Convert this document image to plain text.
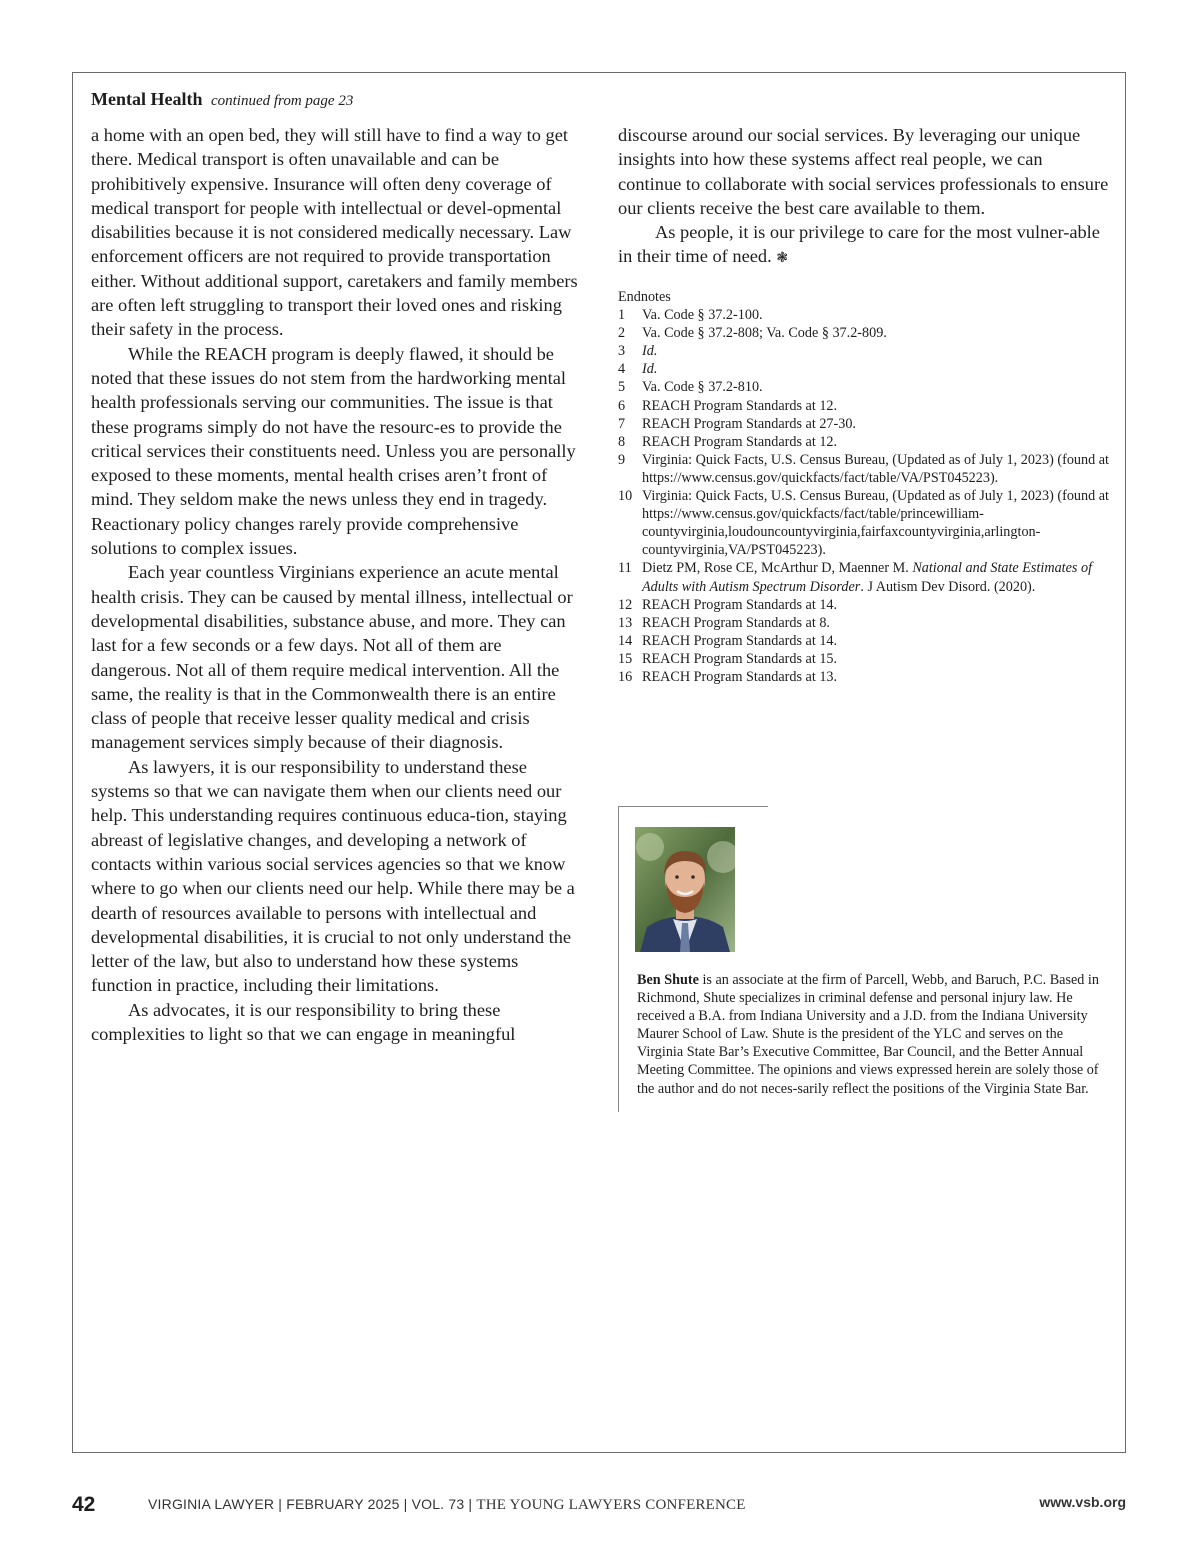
Mental Health continued from page 23

a home with an open bed, they will still have to find a way to get there. Medical transport is often unavailable and can be prohibitively expensive. Insurance will often deny coverage of medical transport for people with intellectual or devel-opmental disabilities because it is not considered medically necessary. Law enforcement officers are not required to provide transportation either. Without additional support, caretakers and family members are often left struggling to transport their loved ones and risking their safety in the process.

While the REACH program is deeply flawed, it should be noted that these issues do not stem from the hardworking mental health professionals serving our communities. The issue is that these programs simply do not have the resourc-es to provide the critical services their constituents need. Unless you are personally exposed to these moments, mental health crises aren’t front of mind. They seldom make the news unless they end in tragedy. Reactionary policy changes rarely provide comprehensive solutions to complex issues.

Each year countless Virginians experience an acute mental health crisis. They can be caused by mental illness, intellectual or developmental disabilities, substance abuse, and more. They can last for a few seconds or a few days. Not all of them are dangerous. Not all of them require medical intervention. All the same, the reality is that in the Commonwealth there is an entire class of people that receive lesser quality medical and crisis management services simply because of their diagnosis.

As lawyers, it is our responsibility to understand these systems so that we can navigate them when our clients need our help. This understanding requires continuous educa-tion, staying abreast of legislative changes, and developing a network of contacts within various social services agencies so that we know where to go when our clients need our help. While there may be a dearth of resources available to persons with intellectual and developmental disabilities, it is crucial to not only understand the letter of the law, but also to understand how these systems function in practice, including their limitations.

As advocates, it is our responsibility to bring these complexities to light so that we can engage in meaningful

discourse around our social services. By leveraging our unique insights into how these systems affect real people, we can continue to collaborate with social services professionals to ensure our clients receive the best care available to them.

As people, it is our privilege to care for the most vulner-able in their time of need. ❃

Endnotes

1	Va. Code § 37.2-100.
2	Va. Code § 37.2-808; Va. Code § 37.2-809.
3	Id.
4	Id.
5	Va. Code § 37.2-810.
6	REACH Program Standards at 12.
7	REACH Program Standards at 27-30.
8	REACH Program Standards at 12.
9	Virginia: Quick Facts, U.S. Census Bureau, (Updated as of July 1, 2023) (found at https://www.census.gov/quickfacts/fact/table/VA/PST045223).
10 Virginia: Quick Facts, U.S. Census Bureau, (Updated as of July 1, 2023) (found at https://www.census.gov/quickfacts/fact/table/princewilliam-countyvirginia,loudouncountyvirginia,fairfaxcountyvirginia,arlington-countyvirginia,VA/PST045223).
11 Dietz PM, Rose CE, McArthur D, Maenner M. National and State Estimates of Adults with Autism Spectrum Disorder. J Autism Dev Disord. (2020).
12 REACH Program Standards at 14.
13 REACH Program Standards at 8.
14 REACH Program Standards at 14.
15 REACH Program Standards at 15.
16 REACH Program Standards at 13.
Ben Shute is an associate at the firm of Parcell, Webb, and Baruch, P.C. Based in Richmond, Shute specializes in criminal defense and personal injury law. He received a B.A. from Indiana University and a J.D. from the Indiana University Maurer School of Law. Shute is the president of the YLC and serves on the Virginia State Bar’s Executive Committee, Bar Council, and the Better Annual Meeting Committee. The opinions and views expressed herein are solely those of the author and do not neces-sarily reflect the positions of the Virginia State Bar.
42	VIRGINIA LAWYER | FEBRUARY 2025 | VOL. 73 | THE YOUNG LAWYERS CONFERENCE	www.vsb.org
